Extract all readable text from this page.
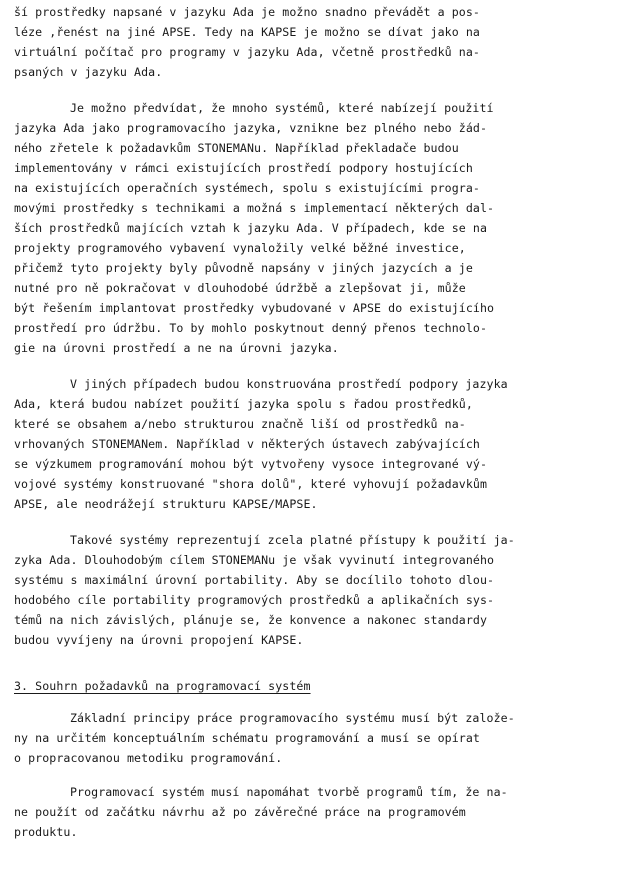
ší prostředky napsané v jazyku Ada je možno snadno převádět a pos-
léze ,řenést na jiné APSE. Tedy na KAPSE je možno se dívat jako na
virtuální počítač pro programy v jazyku Ada, včetně prostředků na-
psaných v jazyku Ada.
Je možno předvídat, že mnoho systémů, které nabízejí použití
jazyka Ada jako programovacího jazyka, vznikne bez plného nebo žád-
ného zřetele k požadavkům STONEMANu. Například překladače budou
implementovány v rámci existujících prostředí podpory hostujících
na existujících operačních systémech, spolu s existujícími progra-
movými prostředky s technikami a možná s implementací některých dal-
ších prostředků majících vztah k jazyku Ada. V případech, kde se na
projekty programového vybavení vynaložily velké běžné investice,
přičemž tyto projekty byly původně napsány v jiných jazycích a je
nutné pro ně pokračovat v dlouhodobé údržbě a zlepšovat ji, může
být řešením implantovat prostředky vybudované v APSE do existujícího
prostředí pro údržbu. To by mohlo poskytnout denný přenos technolo-
gie na úrovni prostředí a ne na úrovni jazyka.
V jiných případech budou konstruována prostředí podpory jazyka
Ada, která budou nabízet použití jazyka spolu s řadou prostředků,
které se obsahem a/nebo strukturou značně liší od prostředků na-
vrhovaných STONEMANem. Například v některých ústavech zabývajících
se výzkumem programování mohou být vytvořeny vysoce integrované vý-
vojové systémy konstruované "shora dolů", které vyhovují požadavkům
APSE, ale neodrážejí strukturu KAPSE/MAPSE.
Takové systémy reprezentují zcela platné přístupy k použití ja-
zyka Ada. Dlouhodobým cílem STONEMANu je však vyvinutí integrovaného
systému s maximální úrovní portability. Aby se docílilo tohoto dlou-
hodobého cíle portability programových prostředků a aplikačních sys-
témů na nich závislých, plánuje se, že konvence a nakonec standardy
budou vyvíjeny na úrovni propojení KAPSE.
3. Souhrn požadavků na programovací systém
Základní principy práce programovacího systému musí být založe-
ny na určitém konceptuálním schématu programování a musí se opírat
o propracovanou metodiku programování.
Programovací systém musí napomáhat tvorbě programů tím, že na-
ne použít od začátku návrhu až po závěrečné práce na programovém
produktu.
